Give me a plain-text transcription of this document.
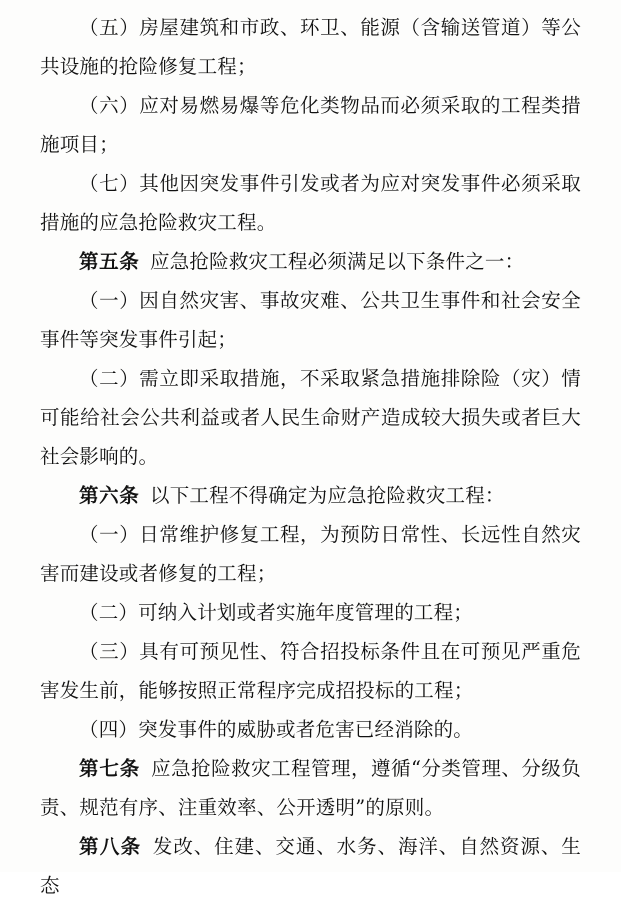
（五）房屋建筑和市政、环卫、能源（含输送管道）等公共设施的抢险修复工程；

（六）应对易燃易爆等危化类物品而必须采取的工程类措施项目；

（七）其他因突发事件引发或者为应对突发事件必须采取措施的应急抢险救灾工程。

第五条 应急抢险救灾工程必须满足以下条件之一：

（一）因自然灾害、事故灾难、公共卫生事件和社会安全事件等突发事件引起；

（二）需立即采取措施，不采取紧急措施排除险（灾）情可能给社会公共利益或者人民生命财产造成较大损失或者巨大社会影响的。

第六条 以下工程不得确定为应急抢险救灾工程：

（一）日常维护修复工程，为预防日常性、长远性自然灾害而建设或者修复的工程；

（二）可纳入计划或者实施年度管理的工程；

（三）具有可预见性、符合招投标条件且在可预见严重危害发生前，能够按照正常程序完成招投标的工程；

（四）突发事件的威胁或者危害已经消除的。

第七条 应急抢险救灾工程管理，遵循“分类管理、分级负责、规范有序、注重效率、公开透明”的原则。

第八条 发改、住建、交通、水务、海洋、自然资源、生态
